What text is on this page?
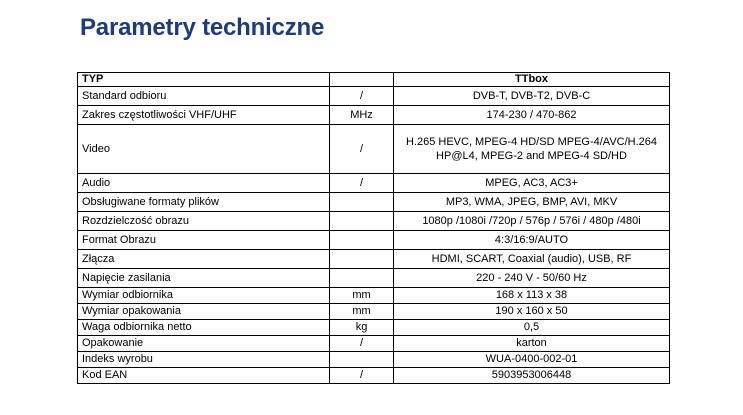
Parametry techniczne
TYP		TTbox
Standard odbioru	/	DVB-T, DVB-T2, DVB-C
Zakres częstotliwości VHF/UHF	MHz	174-230 / 470-862
Video	/	H.265 HEVC, MPEG-4 HD/SD MPEG-4/AVC/H.264 HP@L4, MPEG-2 and MPEG-4 SD/HD
Audio	/	MPEG, AC3, AC3+
Obsługiwane formaty plików		MP3, WMA, JPEG, BMP, AVI, MKV
Rozdzielczość obrazu		1080p /1080i /720p / 576p / 576i / 480p /480i
Format Obrazu		4:3/16:9/AUTO
Złącza		HDMI, SCART, Coaxial (audio), USB, RF
Napięcie zasilania		220 - 240 V - 50/60 Hz
Wymiar odbiornika	mm	168 x 113 x 38
Wymiar opakowania	mm	190 x 160 x 50
Waga odbiornika netto	kg	0,5
Opakowanie	/	karton
Indeks wyrobu		WUA-0400-002-01
Kod EAN	/	5903953006448
